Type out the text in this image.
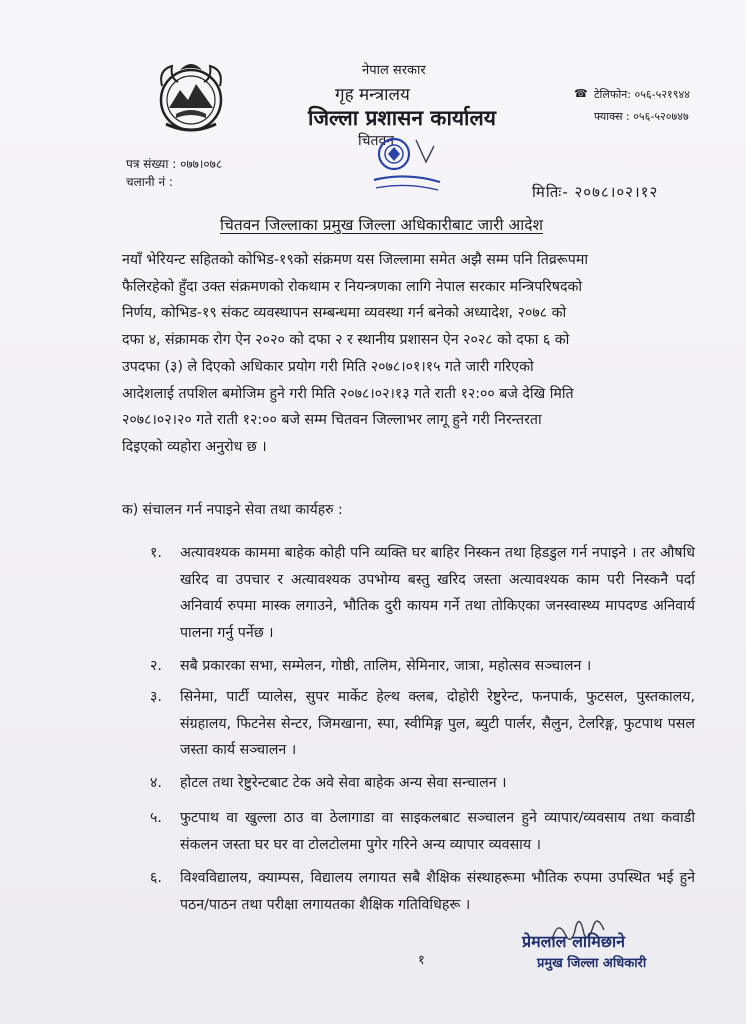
नेपाल सरकार
गृह मन्त्रालय
जिल्ला प्रशासन कार्यालय
चितवन
☎ टेलिफोन: ०५६-५२१९४४
फ्याक्स : ०५६-५२०७४७
पत्र संख्या : ०७७।०७८
चलानी नं :
मितिः- २०७८।०२।१२
चितवन जिल्लाका प्रमुख जिल्ला अधिकारीबाट जारी आदेश
नयाँ भेरियन्ट सहितको कोभिड-१९को संक्रमण यस जिल्लामा समेत अझै सम्म पनि तिव्ररूपमा
फैलिरहेको हुँदा उक्त संक्रमणको रोकथाम र नियन्त्रणका लागि नेपाल सरकार मन्त्रिपरिषदको
निर्णय, कोभिड-१९ संकट व्यवस्थापन सम्बन्धमा व्यवस्था गर्न बनेको अध्यादेश, २०७८ को
दफा ४, संक्रामक रोग ऐन २०२० को दफा २ र स्थानीय प्रशासन ऐन २०२८ को दफा ६ को
उपदफा (३) ले दिएको अधिकार प्रयोग गरी मिति २०७८।०१।१५ गते जारी गरिएको
आदेशलाई तपशिल बमोजिम हुने गरी मिति २०७८।०२।१३ गते राती १२:०० बजे देखि मिति
२०७८।०२।२० गते राती १२:०० बजे सम्म चितवन जिल्लाभर लागू हुने गरी निरन्तरता
दिइएको व्यहोरा अनुरोध छ ।
क) संचालन गर्न नपाइने सेवा तथा कार्यहरु :
१.	अत्यावश्यक काममा बाहेक कोही पनि व्यक्ति घर बाहिर निस्कन तथा हिडडुल गर्न नपाइने । तर औषधि खरिद वा उपचार र अत्यावश्यक उपभोग्य बस्तु खरिद जस्ता अत्यावश्यक काम परी निस्कनै पर्दा अनिवार्य रुपमा मास्क लगाउने, भौतिक दुरी कायम गर्ने तथा तोकिएका जनस्वास्थ्य मापदण्ड अनिवार्य पालना गर्नु पर्नेछ ।
२.	सबै प्रकारका सभा, सम्मेलन, गोष्ठी, तालिम, सेमिनार, जात्रा, महोत्सव सञ्चालन ।
३.	सिनेमा, पार्टी प्यालेस, सुपर मार्केट हेल्थ क्लब, दोहोरी रेष्टुरेन्ट, फनपार्क, फुटसल, पुस्तकालय, संग्रहालय, फिटनेस सेन्टर, जिमखाना, स्पा, स्वीमिङ्ग पुल, ब्युटी पार्लर, सैलुन, टेलरिङ्ग, फुटपाथ पसल जस्ता कार्य सञ्चालन ।
४.	होटल तथा रेष्टुरेन्टबाट टेक अवे सेवा बाहेक अन्य सेवा सन्चालन ।
५.	फुटपाथ वा खुल्ला ठाउ वा ठेलागाडा वा साइकलबाट सञ्चालन हुने व्यापार/व्यवसाय तथा कवाडी संकलन जस्ता घर घर वा टोलटोलमा पुगेर गरिने अन्य व्यापार व्यवसाय ।
६.	विश्वविद्यालय, क्याम्पस, विद्यालय लगायत सबै शैक्षिक संस्थाहरूमा भौतिक रुपमा उपस्थित भई हुने पठन/पाठन तथा परीक्षा लगायतका शैक्षिक गतिविधिहरू ।
प्रेमलाल लामिछाने
प्रमुख जिल्ला अधिकारी
१
